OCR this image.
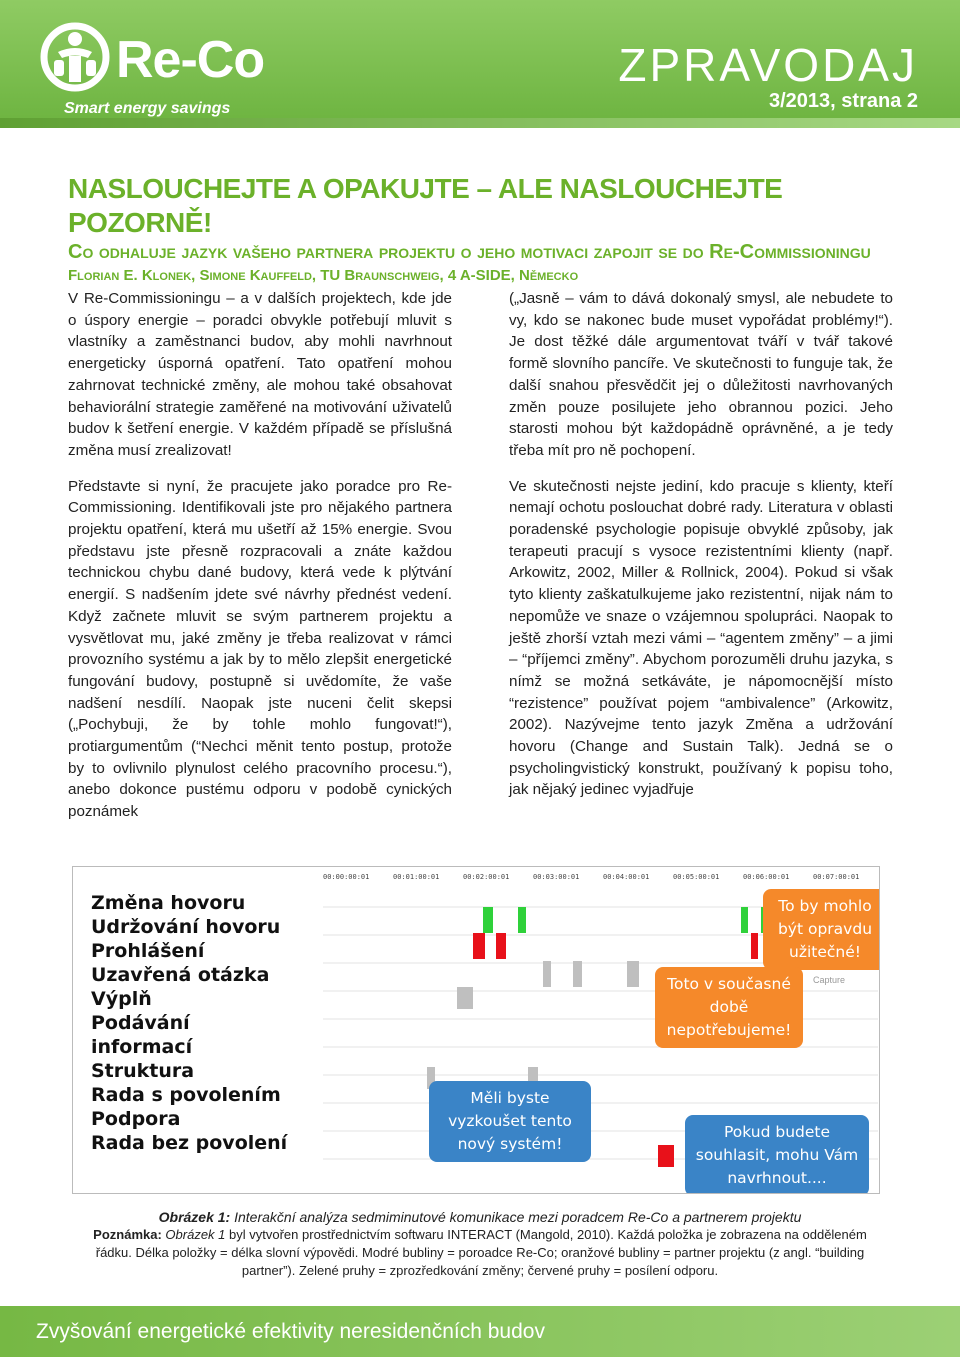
Re-Co
Smart energy savings
ZPRAVODAJ
3/2013, strana 2
NASLOUCHEJTE A OPAKUJTE – ALE NASLOUCHEJTE POZORNĚ!
Co odhaluje jazyk vašeho partnera projektu o jeho motivaci zapojit se do Re-Commissioningu
Florian E. Klonek, Simone Kauffeld, TU Braunschweig, 4 A-SIDE, Německo

V Re-Commissioningu – a v dalších projektech, kde jde o úspory energie – poradci obvykle potřebují mluvit s vlastníky a zaměstnanci budov, aby mohli navrhnout energeticky úsporná opatření. Tato opatření mohou zahrnovat technické změny, ale mohou také obsahovat behaviorální strategie zaměřené na motivování uživatelů budov k šetření energie. V každém případě se příslušná změna musí zrealizovat!

Představte si nyní, že pracujete jako poradce pro Re-Commissioning. Identifikovali jste pro nějakého partnera projektu opatření, která mu ušetří až 15% energie. Svou představu jste přesně rozpracovali a znáte každou technickou chybu dané budovy, která vede k plýtvání energií. S nadšením jdete své návrhy přednést vedení. Když začnete mluvit se svým partnerem projektu a vysvětlovat mu, jaké změny je třeba realizovat v rámci provozního systému a jak by to mělo zlepšit energetické fungování budovy, postupně si uvědomíte, že vaše nadšení nesdílí. Naopak jste nuceni čelit skepsi („Pochybuji, že by tohle mohlo fungovat!“), protiargumentům (“Nechci měnit tento postup, protože by to ovlivnilo plynulost celého pracovního procesu.“), anebo dokonce pustému odporu v podobě cynických poznámek

(„Jasně – vám to dává dokonalý smysl, ale nebudete to vy, kdo se nakonec bude muset vypořádat problémy!“). Je dost těžké dále argumentovat tváří v tvář takové formě slovního pancíře. Ve skutečnosti to funguje tak, že další snahou přesvědčit jej o důležitosti navrhovaných změn pouze posilujete jeho obrannou pozici. Jeho starosti mohou být každopádně oprávněné, a je tedy třeba mít pro ně pochopení.

Ve skutečnosti nejste jediní, kdo pracuje s klienty, kteří nemají ochotu poslouchat dobré rady. Literatura v oblasti poradenské psychologie popisuje obvyklé způsoby, jak terapeuti pracují s vysoce rezistentními klienty (např. Arkowitz, 2002, Miller & Rollnick, 2004). Pokud si však tyto klienty zaškatulkujeme jako rezistentní, nijak nám to nepomůže ve snaze o vzájemnou spolupráci. Naopak to ještě zhorší vztah mezi vámi – “agentem změny” – a jimi – “příjemci změny”. Abychom porozuměli druhu jazyka, s nímž se možná setkáváte, je nápomocnější místo “rezistence” používat pojem “ambivalence” (Arkowitz, 2002). Nazývejme tento jazyk Změna a udržování hovoru (Change and Sustain Talk). Jedná se o psycholingvistický konstrukt, používaný k popisu toho, jak nějaký jedinec vyjadřuje

00:00:00:01	00:01:00:01	00:02:00:01	00:03:00:01	00:04:00:01	00:05:00:01	00:06:00:01	00:07:00:01
Změna hovoru
Udržování hovoru
Prohlášení
Uzavřená otázka
Výplň
Podávání
informací
Struktura
Rada s povolením
Podpora
Rada bez povolení
Capture
To by mohlo
být opravdu
užitečné!
Toto v současné
době
nepotřebujeme!
Měli byste
vyzkoušet tento
nový systém!
Pokud budete
souhlasit, mohu Vám
navrhnout....
Obrázek 1: Interakční analýza sedmiminutové komunikace mezi poradcem Re-Co a partnerem projektu
Poznámka: Obrázek 1 byl vytvořen prostřednictvím softwaru INTERACT (Mangold, 2010). Každá položka je zobrazena na odděleném řádku. Délka položky = délka slovní výpovědi. Modré bubliny = poroadce Re-Co; oranžové bubliny = partner projektu (z angl. “building partner”). Zelené pruhy = zprozředkování změny; červené pruhy = posílení odporu.
Zvyšování energetické efektivity neresidenčních budov
